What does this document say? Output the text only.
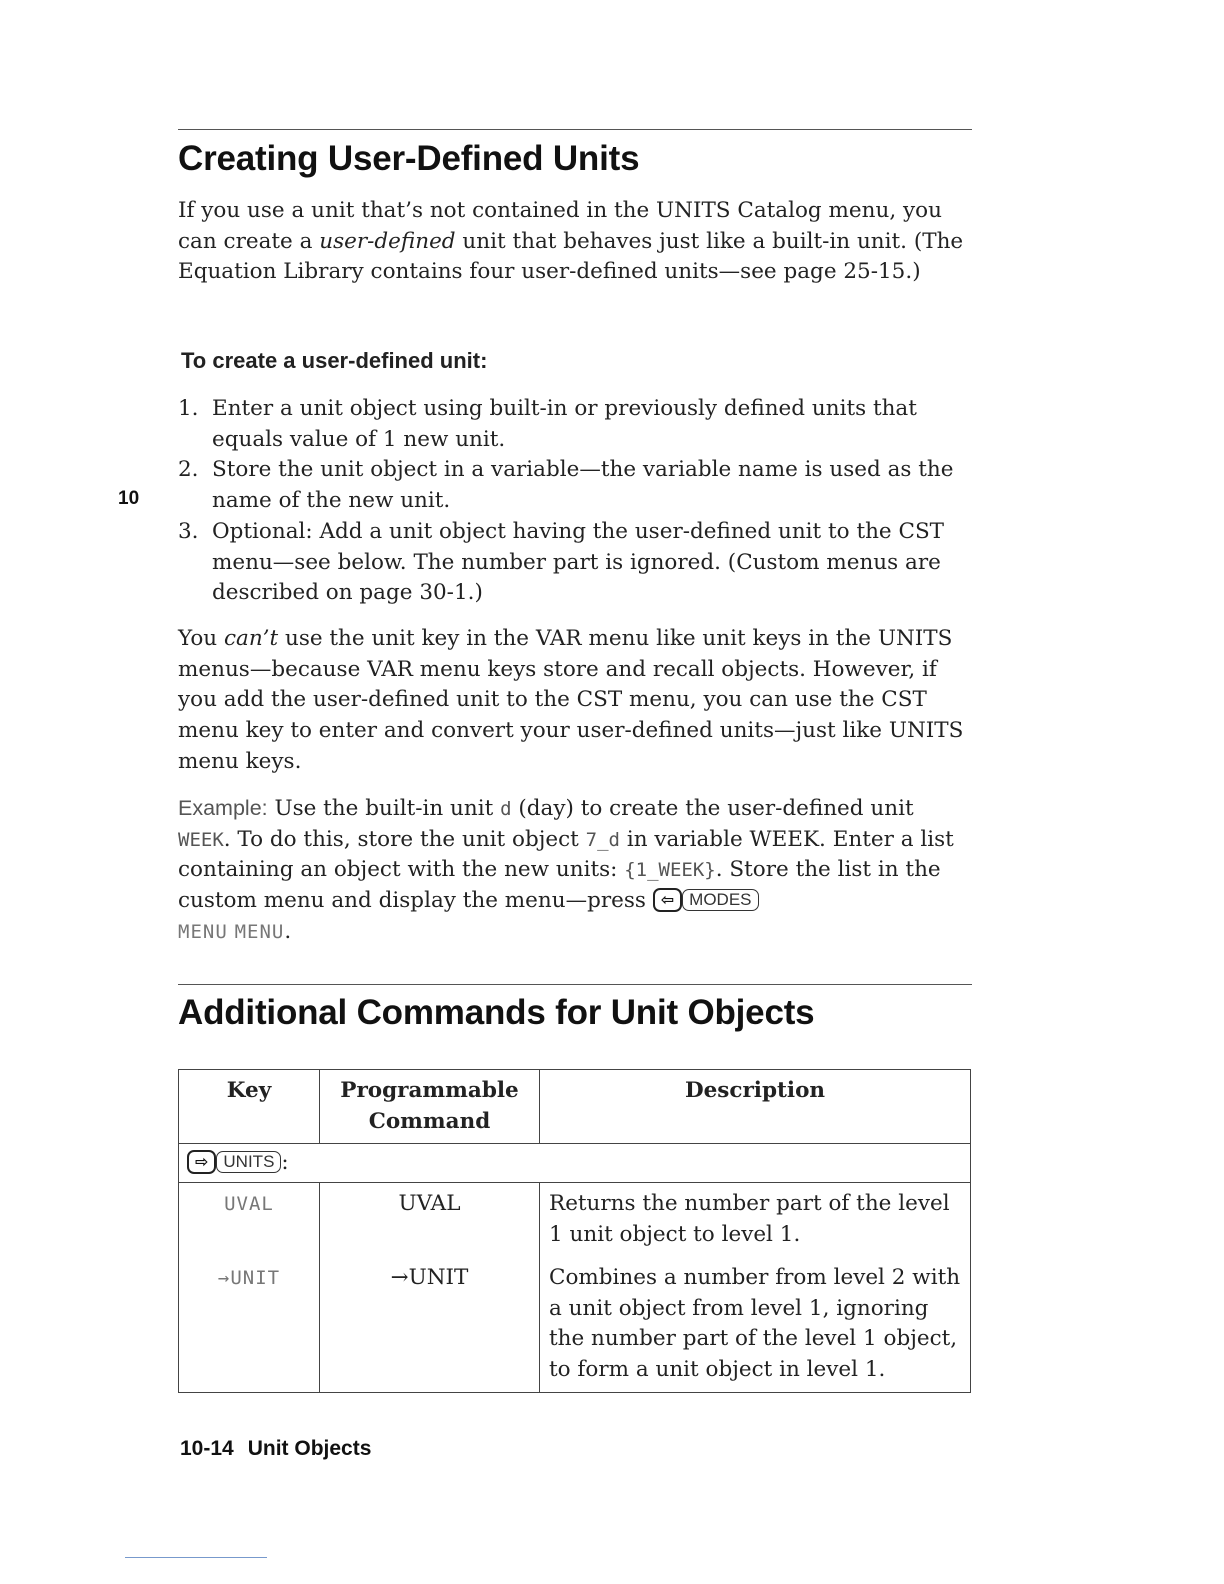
Creating User-Defined Units

If you use a unit that’s not contained in the UNITS Catalog menu, you can create a user-defined unit that behaves just like a built-in unit. (The Equation Library contains four user-defined units—see page 25-15.)

To create a user-defined unit:
1. Enter a unit object using built-in or previously defined units that equals value of 1 new unit.
2. Store the unit object in a variable—the variable name is used as the name of the new unit.
3. Optional: Add a unit object having the user-defined unit to the CST menu—see below. The number part is ignored. (Custom menus are described on page 30-1.)
10

You can’t use the unit key in the VAR menu like unit keys in the UNITS menus—because VAR menu keys store and recall objects. However, if you add the user-defined unit to the CST menu, you can use the CST menu key to enter and convert your user-defined units—just like UNITS menu keys.

Example: Use the built-in unit d (day) to create the user-defined unit WEEK. To do this, store the unit object 7_d in variable WEEK. Enter a list containing an object with the new units: {1_WEEK}. Store the list in the custom menu and display the menu—press ⇦ MODES
MENU MENU.

Additional Commands for Unit Objects
Key	Programmable Command	Description
⇨ UNITS :		
UVAL	UVAL	Returns the number part of the level 1 unit object to level 1.
→UNIT	→UNIT	Combines a number from level 2 with a unit object from level 1, ignoring the number part of the level 1 object, to form a unit object in level 1.

10-14 Unit Objects
